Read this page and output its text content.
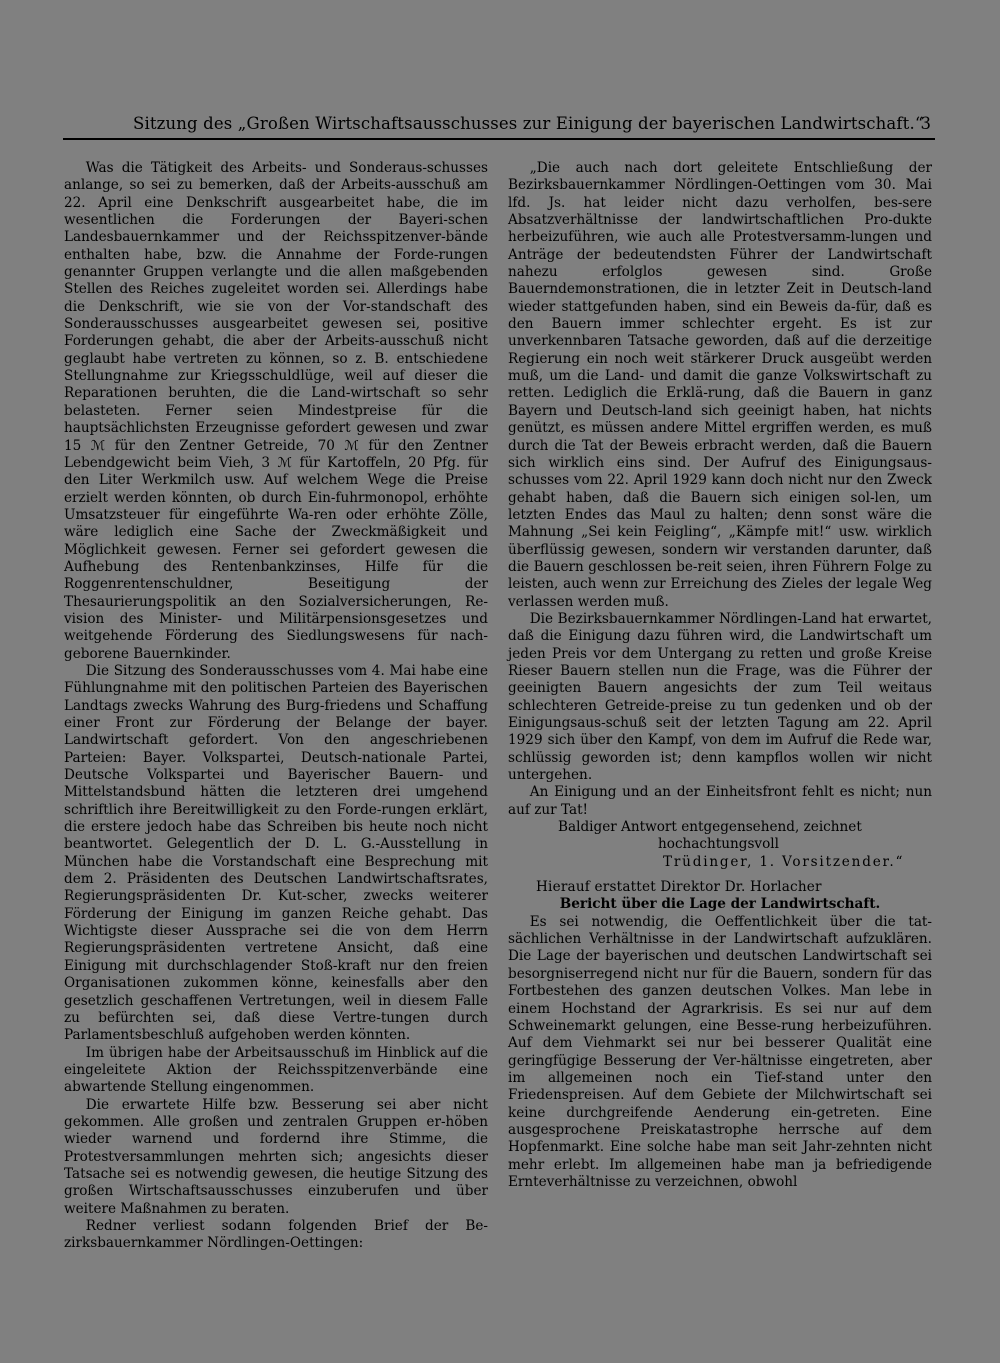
Sitzung des „Großen Wirtschaftsausschusses zur Einigung der bayerischen Landwirtschaft.“
3

Was die Tätigkeit des Arbeits- und Sonderaus-schusses anlange, so sei zu bemerken, daß der Arbeits-ausschuß am 22. April eine Denkschrift ausgearbeitet habe, die im wesentlichen die Forderungen der Bayeri-schen Landesbauernkammer und der Reichsspitzenver-bände enthalten habe, bzw. die Annahme der Forde-rungen genannter Gruppen verlangte und die allen maßgebenden Stellen des Reiches zugeleitet worden sei. Allerdings habe die Denkschrift, wie sie von der Vor-standschaft des Sonderausschusses ausgearbeitet gewesen sei, positive Forderungen gehabt, die aber der Arbeits-ausschuß nicht geglaubt habe vertreten zu können, so z. B. entschiedene Stellungnahme zur Kriegsschuldlüge, weil auf dieser die Reparationen beruhten, die die Land-wirtschaft so sehr belasteten. Ferner seien Mindestpreise für die hauptsächlichsten Erzeugnisse gefordert gewesen und zwar 15 ℳ für den Zentner Getreide, 70 ℳ für den Zentner Lebendgewicht beim Vieh, 3 ℳ für Kartoffeln, 20 Pfg. für den Liter Werkmilch usw. Auf welchem Wege die Preise erzielt werden könnten, ob durch Ein-fuhrmonopol, erhöhte Umsatzsteuer für eingeführte Wa-ren oder erhöhte Zölle, wäre lediglich eine Sache der Zweckmäßigkeit und Möglichkeit gewesen. Ferner sei gefordert gewesen die Aufhebung des Rentenbankzinses, Hilfe für die Roggenrentenschuldner, Beseitigung der Thesaurierungspolitik an den Sozialversicherungen, Re-vision des Minister- und Militärpensionsgesetzes und weitgehende Förderung des Siedlungswesens für nach-geborene Bauernkinder.

Die Sitzung des Sonderausschusses vom 4. Mai habe eine Fühlungnahme mit den politischen Parteien des Bayerischen Landtags zwecks Wahrung des Burg-friedens und Schaffung einer Front zur Förderung der Belange der bayer. Landwirtschaft gefordert. Von den angeschriebenen Parteien: Bayer. Volkspartei, Deutsch-nationale Partei, Deutsche Volkspartei und Bayerischer Bauern- und Mittelstandsbund hätten die letzteren drei umgehend schriftlich ihre Bereitwilligkeit zu den Forde-rungen erklärt, die erstere jedoch habe das Schreiben bis heute noch nicht beantwortet. Gelegentlich der D. L. G.-Ausstellung in München habe die Vorstandschaft eine Besprechung mit dem 2. Präsidenten des Deutschen Landwirtschaftsrates, Regierungspräsidenten Dr. Kut-scher, zwecks weiterer Förderung der Einigung im ganzen Reiche gehabt. Das Wichtigste dieser Aussprache sei die von dem Herrn Regierungspräsidenten vertretene Ansicht, daß eine Einigung mit durchschlagender Stoß-kraft nur den freien Organisationen zukommen könne, keinesfalls aber den gesetzlich geschaffenen Vertretungen, weil in diesem Falle zu befürchten sei, daß diese Vertre-tungen durch Parlamentsbeschluß aufgehoben werden könnten.

Im übrigen habe der Arbeitsausschuß im Hinblick auf die eingeleitete Aktion der Reichsspitzenverbände eine abwartende Stellung eingenommen.

Die erwartete Hilfe bzw. Besserung sei aber nicht gekommen. Alle großen und zentralen Gruppen er-höben wieder warnend und fordernd ihre Stimme, die Protestversammlungen mehrten sich; angesichts dieser Tatsache sei es notwendig gewesen, die heutige Sitzung des großen Wirtschaftsausschusses einzuberufen und über weitere Maßnahmen zu beraten.

Redner verliest sodann folgenden Brief der Be-zirksbauernkammer Nördlingen-Oettingen:

„Die auch nach dort geleitete Entschließung der Bezirksbauernkammer Nördlingen-Oettingen vom 30. Mai lfd. Js. hat leider nicht dazu verholfen, bes-sere Absatzverhältnisse der landwirtschaftlichen Pro-dukte herbeizuführen, wie auch alle Protestversamm-lungen und Anträge der bedeutendsten Führer der Landwirtschaft nahezu erfolglos gewesen sind. Große Bauerndemonstrationen, die in letzter Zeit in Deutsch-land wieder stattgefunden haben, sind ein Beweis da-für, daß es den Bauern immer schlechter ergeht. Es ist zur unverkennbaren Tatsache geworden, daß auf die derzeitige Regierung ein noch weit stärkerer Druck ausgeübt werden muß, um die Land- und damit die ganze Volkswirtschaft zu retten. Lediglich die Erklä-rung, daß die Bauern in ganz Bayern und Deutsch-land sich geeinigt haben, hat nichts genützt, es müssen andere Mittel ergriffen werden, es muß durch die Tat der Beweis erbracht werden, daß die Bauern sich wirklich eins sind. Der Aufruf des Einigungsaus-schusses vom 22. April 1929 kann doch nicht nur den Zweck gehabt haben, daß die Bauern sich einigen sol-len, um letzten Endes das Maul zu halten; denn sonst wäre die Mahnung „Sei kein Feigling“, „Kämpfe mit!“ usw. wirklich überflüssig gewesen, sondern wir verstanden darunter, daß die Bauern geschlossen be-reit seien, ihren Führern Folge zu leisten, auch wenn zur Erreichung des Zieles der legale Weg verlassen werden muß.

Die Bezirksbauernkammer Nördlingen-Land hat erwartet, daß die Einigung dazu führen wird, die Landwirtschaft um jeden Preis vor dem Untergang zu retten und große Kreise Rieser Bauern stellen nun die Frage, was die Führer der geeinigten Bauern angesichts der zum Teil weitaus schlechteren Getreide-preise zu tun gedenken und ob der Einigungsaus-schuß seit der letzten Tagung am 22. April 1929 sich über den Kampf, von dem im Aufruf die Rede war, schlüssig geworden ist; denn kampflos wollen wir nicht untergehen.

An Einigung und an der Einheitsfront fehlt es nicht; nun auf zur Tat!

Baldiger Antwort entgegensehend, zeichnet
hochachtungsvoll
Trüdinger, 1. Vorsitzender.“
Hierauf erstattet Direktor Dr. Horlacher
Bericht über die Lage der Landwirtschaft.

Es sei notwendig, die Oeffentlichkeit über die tat-sächlichen Verhältnisse in der Landwirtschaft aufzuklären. Die Lage der bayerischen und deutschen Landwirtschaft sei besorgniserregend nicht nur für die Bauern, sondern für das Fortbestehen des ganzen deutschen Volkes. Man lebe in einem Hochstand der Agrarkrisis. Es sei nur auf dem Schweinemarkt gelungen, eine Besse-rung herbeizuführen. Auf dem Viehmarkt sei nur bei besserer Qualität eine geringfügige Besserung der Ver-hältnisse eingetreten, aber im allgemeinen noch ein Tief-stand unter den Friedenspreisen. Auf dem Gebiete der Milchwirtschaft sei keine durchgreifende Aenderung ein-getreten. Eine ausgesprochene Preiskatastrophe herrsche auf dem Hopfenmarkt. Eine solche habe man seit Jahr-zehnten nicht mehr erlebt. Im allgemeinen habe man ja befriedigende Ernteverhältnisse zu verzeichnen, obwohl
